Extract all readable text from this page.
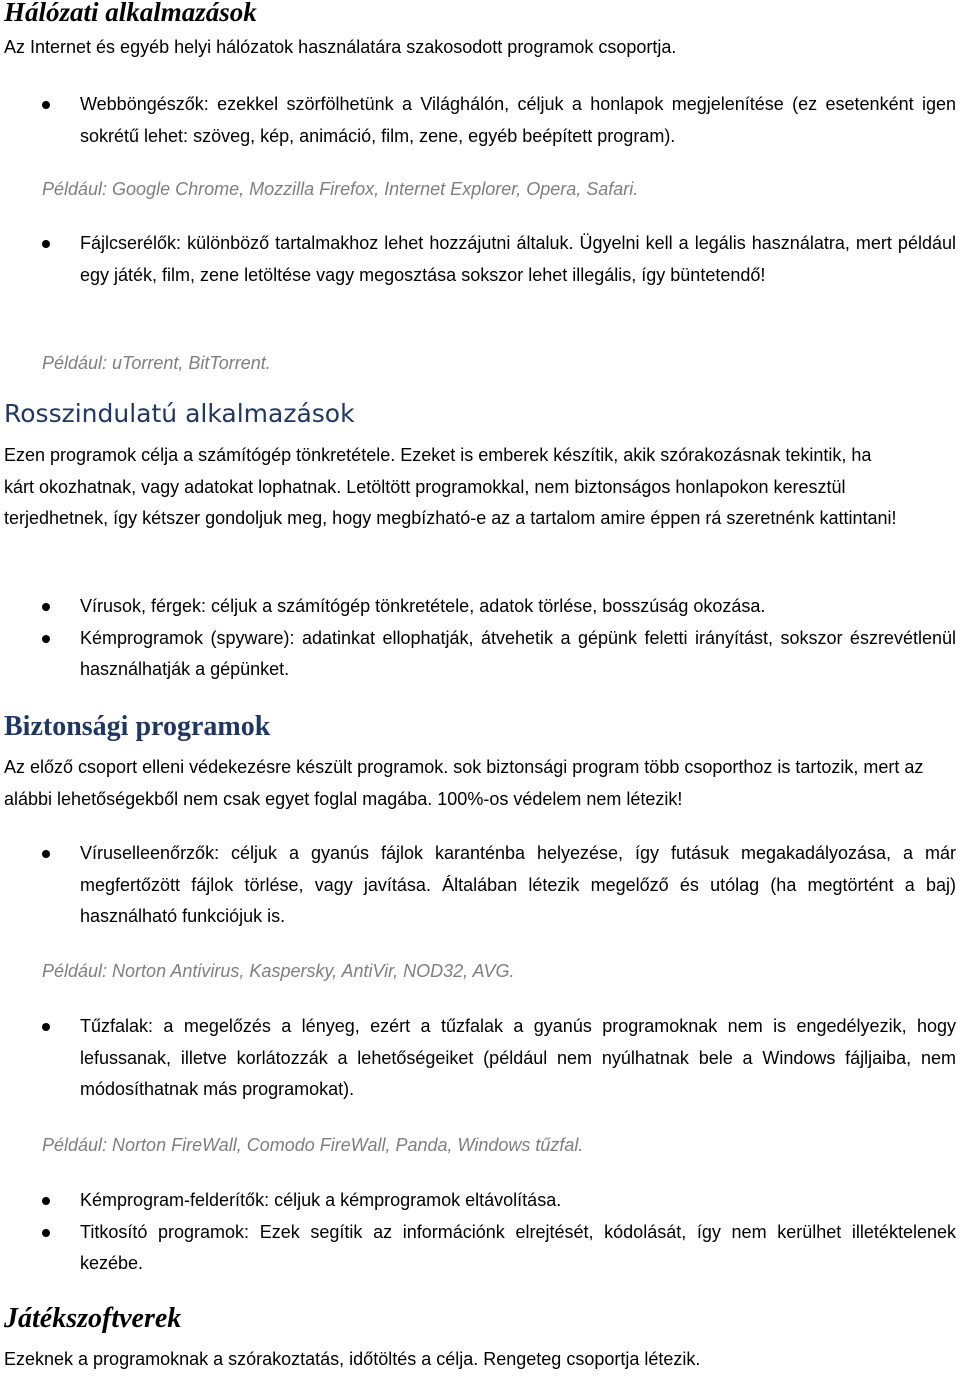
Hálózati alkalmazások

Az Internet és egyéb helyi hálózatok használatára szakosodott programok csoportja.

Webböngészők: ezekkel szörfölhetünk a Világhálón, céljuk a honlapok megjelenítése (ez esetenként igen sokrétű lehet: szöveg, kép, animáció, film, zene, egyéb beépített program).

Például: Google Chrome, Mozzilla Firefox, Internet Explorer, Opera, Safari.

Fájlcserélők: különböző tartalmakhoz lehet hozzájutni általuk. Ügyelni kell a legális használatra, mert például egy játék, film, zene letöltése vagy megosztása sokszor lehet illegális, így büntetendő!

Például: uTorrent, BitTorrent.

Rosszindulatú alkalmazások

Ezen programok célja a számítógép tönkretétele. Ezeket is emberek készítik, akik szórakozásnak tekintik, ha kárt okozhatnak, vagy adatokat lophatnak. Letöltött programokkal, nem biztonságos honlapokon keresztül terjedhetnek, így kétszer gondoljuk meg, hogy megbízható-e az a tartalom amire éppen rá szeretnénk kattintani!

Vírusok, férgek: céljuk a számítógép tönkretétele, adatok törlése, bosszúság okozása.
Kémprogramok (spyware): adatinkat ellophatják, átvehetik a gépünk feletti irányítást, sokszor észrevétlenül használhatják a gépünket.
Biztonsági programok

Az előző csoport elleni védekezésre készült programok. sok biztonsági program több csoporthoz is tartozik, mert az alábbi lehetőségekből nem csak egyet foglal magába. 100%-os védelem nem létezik!

Víruselleenőrzők: céljuk a gyanús fájlok karanténba helyezése, így futásuk megakadályozása, a már megfertőzött fájlok törlése, vagy javítása. Általában létezik megelőző és utólag (ha megtörtént a baj) használható funkciójuk is.

Például: Norton Antivirus, Kaspersky, AntiVir, NOD32, AVG.

Tűzfalak: a megelőzés a lényeg, ezért a tűzfalak a gyanús programoknak nem is engedélyezik, hogy lefussanak, illetve korlátozzák a lehetőségeiket (például nem nyúlhatnak bele a Windows fájljaiba, nem módosíthatnak más programokat).

Például: Norton FireWall, Comodo FireWall, Panda, Windows tűzfal.

Kémprogram-felderítők: céljuk a kémprogramok eltávolítása.
Titkosító programok: Ezek segítik az információnk elrejtését, kódolását, így nem kerülhet illetéktelenek kezébe.
Játékszoftverek

Ezeknek a programoknak a szórakoztatás, időtöltés a célja. Rengeteg csoportja létezik.
